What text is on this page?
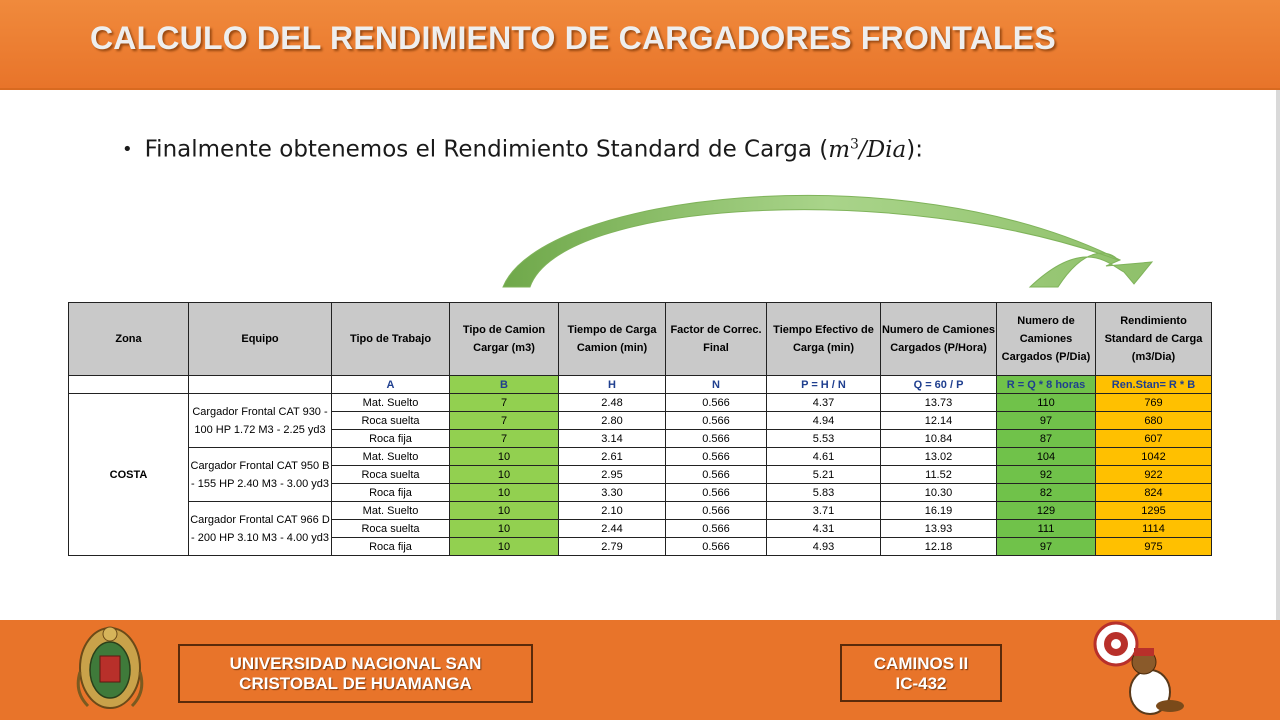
CALCULO DEL RENDIMIENTO DE CARGADORES FRONTALES
• Finalmente obtenemos el Rendimiento Standard de Carga $(m^3/Dia)$:
Zona	Equipo	Tipo de Trabajo	Tipo de Camion Cargar (m3)	Tiempo de Carga Camion (min)	Factor de Correc. Final	Tiempo Efectivo de Carga (min)	Numero de Camiones Cargados (P/Hora)	Numero de Camiones Cargados (P/Dia)	Rendimiento Standard de Carga (m3/Dia)
		A	B	H	N	P = H / N	Q = 60 / P	R = Q * 8 horas	Ren.Stan= R * B
COSTA	Cargador Frontal CAT 930 - 100 HP 1.72 M3 - 2.25 yd3	Mat. Suelto	7	2.48	0.566	4.37	13.73	110	769
		Roca suelta	7	2.80	0.566	4.94	12.14	97	680
		Roca fija	7	3.14	0.566	5.53	10.84	87	607
	Cargador Frontal CAT 950 B - 155 HP 2.40 M3 - 3.00 yd3	Mat. Suelto	10	2.61	0.566	4.61	13.02	104	1042
		Roca suelta	10	2.95	0.566	5.21	11.52	92	922
		Roca fija	10	3.30	0.566	5.83	10.30	82	824
	Cargador Frontal CAT 966 D - 200 HP 3.10 M3 - 4.00 yd3	Mat. Suelto	10	2.10	0.566	3.71	16.19	129	1295
		Roca suelta	10	2.44	0.566	4.31	13.93	111	1114
		Roca fija	10	2.79	0.566	4.93	12.18	97	975
UNIVERSIDAD NACIONAL SAN
CRISTOBAL DE HUAMANGA
CAMINOS II
IC-432
